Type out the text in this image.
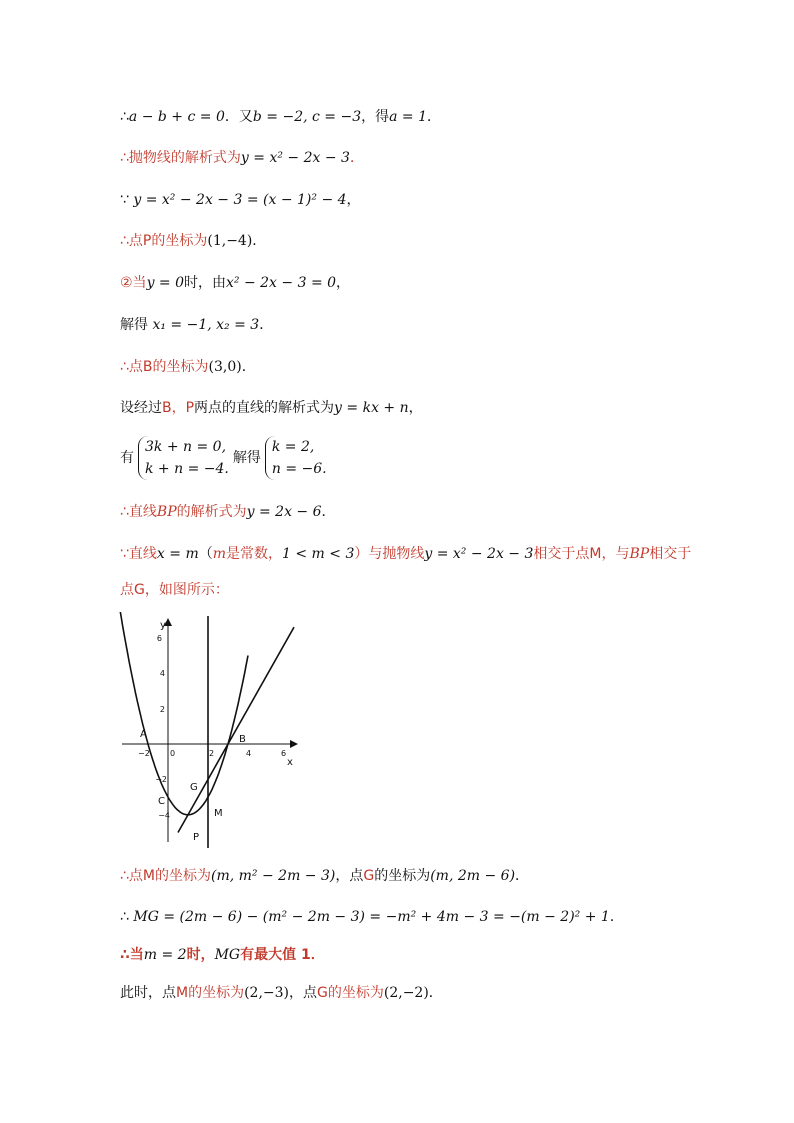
∴a − b + c = 0．又b = −2, c = −3，得a = 1．
∴抛物线的解析式为y = x² − 2x − 3．
∵ y = x² − 2x − 3 = (x − 1)² − 4，
∴点P的坐标为(1,−4)．
②当y = 0时，由x² − 2x − 3 = 0，
解得 x₁ = −1, x₂ = 3．
∴点B的坐标为(3,0)．
设经过B，P两点的直线的解析式为y = kx + n，
有3k + n = 0,
k + n = −4.解得k = 2,
n = −6.
∴直线BP的解析式为y = 2x − 6．
∵直线x = m（m是常数，1 < m < 3）与抛物线y = x² − 2x − 3相交于点M，与BP相交于
点G，如图所示：
−2	0	2	4	6
6
4
2
−2
−4
y
x
A	B
C
G
M
P
∴点M的坐标为(m, m² − 2m − 3)，点G的坐标为(m, 2m − 6)．
∴ MG = (2m − 6) − (m² − 2m − 3) = −m² + 4m − 3 = −(m − 2)² + 1．
∴当m = 2时，MG有最大值 1．
此时，点M的坐标为(2,−3)，点G的坐标为(2,−2)．
